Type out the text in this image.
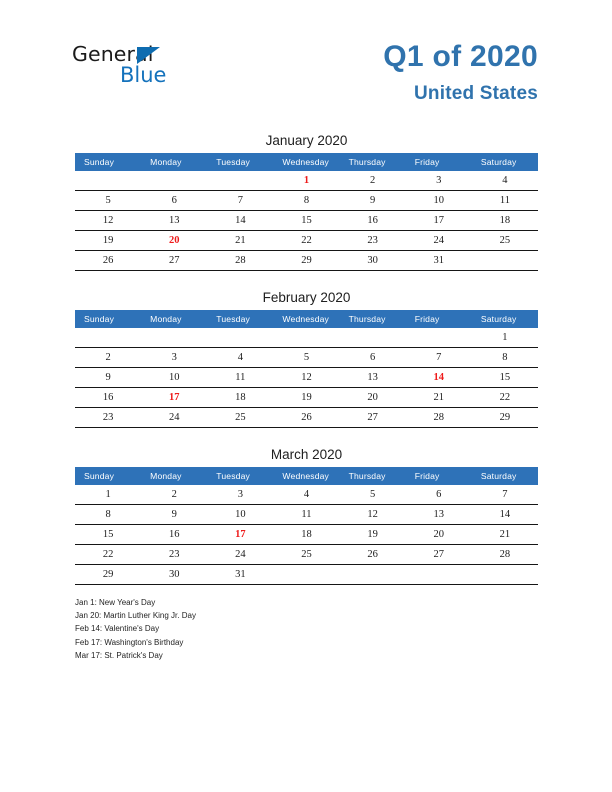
General
Blue
Q1 of 2020
United States
January 2020
Sunday	Monday	Tuesday	Wednesday	Thursday	Friday	Saturday
			1	2	3	4
5	6	7	8	9	10	11
12	13	14	15	16	17	18
19	20	21	22	23	24	25
26	27	28	29	30	31	
February 2020
Sunday	Monday	Tuesday	Wednesday	Thursday	Friday	Saturday
						1
2	3	4	5	6	7	8
9	10	11	12	13	14	15
16	17	18	19	20	21	22
23	24	25	26	27	28	29
March 2020
Sunday	Monday	Tuesday	Wednesday	Thursday	Friday	Saturday
1	2	3	4	5	6	7
8	9	10	11	12	13	14
15	16	17	18	19	20	21
22	23	24	25	26	27	28
29	30	31				
Jan 1: New Year's Day
Jan 20: Martin Luther King Jr. Day
Feb 14: Valentine's Day
Feb 17: Washington's Birthday
Mar 17: St. Patrick's Day
